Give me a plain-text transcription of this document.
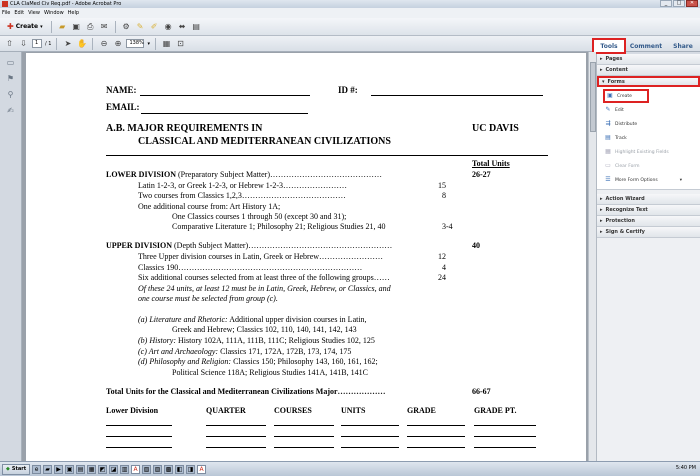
CLA ClaMed Civ Req.pdf - Adobe Acrobat Pro	_	□	✕
File Edit View Window Help
✚ Create ▾	▰ ▣ ⎙ ✉ ⚙ ✎ ✐ ◉ ⬌ ▤
⇧ ⇩	1	/ 1 ➤ ✋ ⊖ ⊕	138% ▾ ▦ ⊡	Tools	Comment	Share
▭
⚑
⚲
✍
NAME:	ID #:
EMAIL:
A.B. MAJOR REQUIREMENTS IN
CLASSICAL AND MEDITERRANEAN CIVILIZATIONS
UC DAVIS
Total Units
LOWER DIVISION (Preparatory Subject Matter)……………………………………	26-27
Latin 1-2-3, or Greek 1-2-3, or Hebrew 1-2-3……………………	15
Two courses from Classics 1,2,3…………………………………	8
One additional course from: Art History 1A;
One Classics courses 1 through 50 (except 30 and 31);
Comparative Literature 1; Philosophy 21; Religious Studies 21, 40	3-4
UPPER DIVISION (Depth Subject Matter)………………………………………………	40
Three Upper division courses in Latin, Greek or Hebrew……………………	12
Classics 190……………………………………………………………	4
Six additional courses selected from at least three of the following groups……	24
Of these 24 units, at least 12 must be in Latin, Greek, Hebrew, or Classics, and
one course must be selected from group (c).
(a) Literature and Rhetoric: Additional upper division courses in Latin,
Greek and Hebrew; Classics 102, 110, 140, 141, 142, 143
(b) History: History 102A, 111A, 111B, 111C; Religious Studies 102, 125
(c) Art and Archaeology: Classics 171, 172A, 172B, 173, 174, 175
(d) Philosophy and Religion: Classics 150; Philosophy 143, 160, 161, 162;
Political Science 118A; Religious Studies 141A, 141B, 141C
Total Units for the Classical and Mediterranean Civilizations Major………………	66-67
Lower Division	QUARTER	COURSES	UNITS	GRADE	GRADE PT.
▸ Pages
▸ Content
▾ Forms
▣ Create
✎ Edit
⇶ Distribute
▤ Track
▦ Highlight Existing Fields
▭ Clear Form
☰ More Form Options	▾
▸ Action Wizard
▸ Recognize Text
▸ Protection
▸ Sign & Certify
◆ Start	e	▰	▶ ▣ ▤ ▦ ◩ ◪ ▥	A	▧ ▨ ▩ ◧ ◨	A	5:40 PM
